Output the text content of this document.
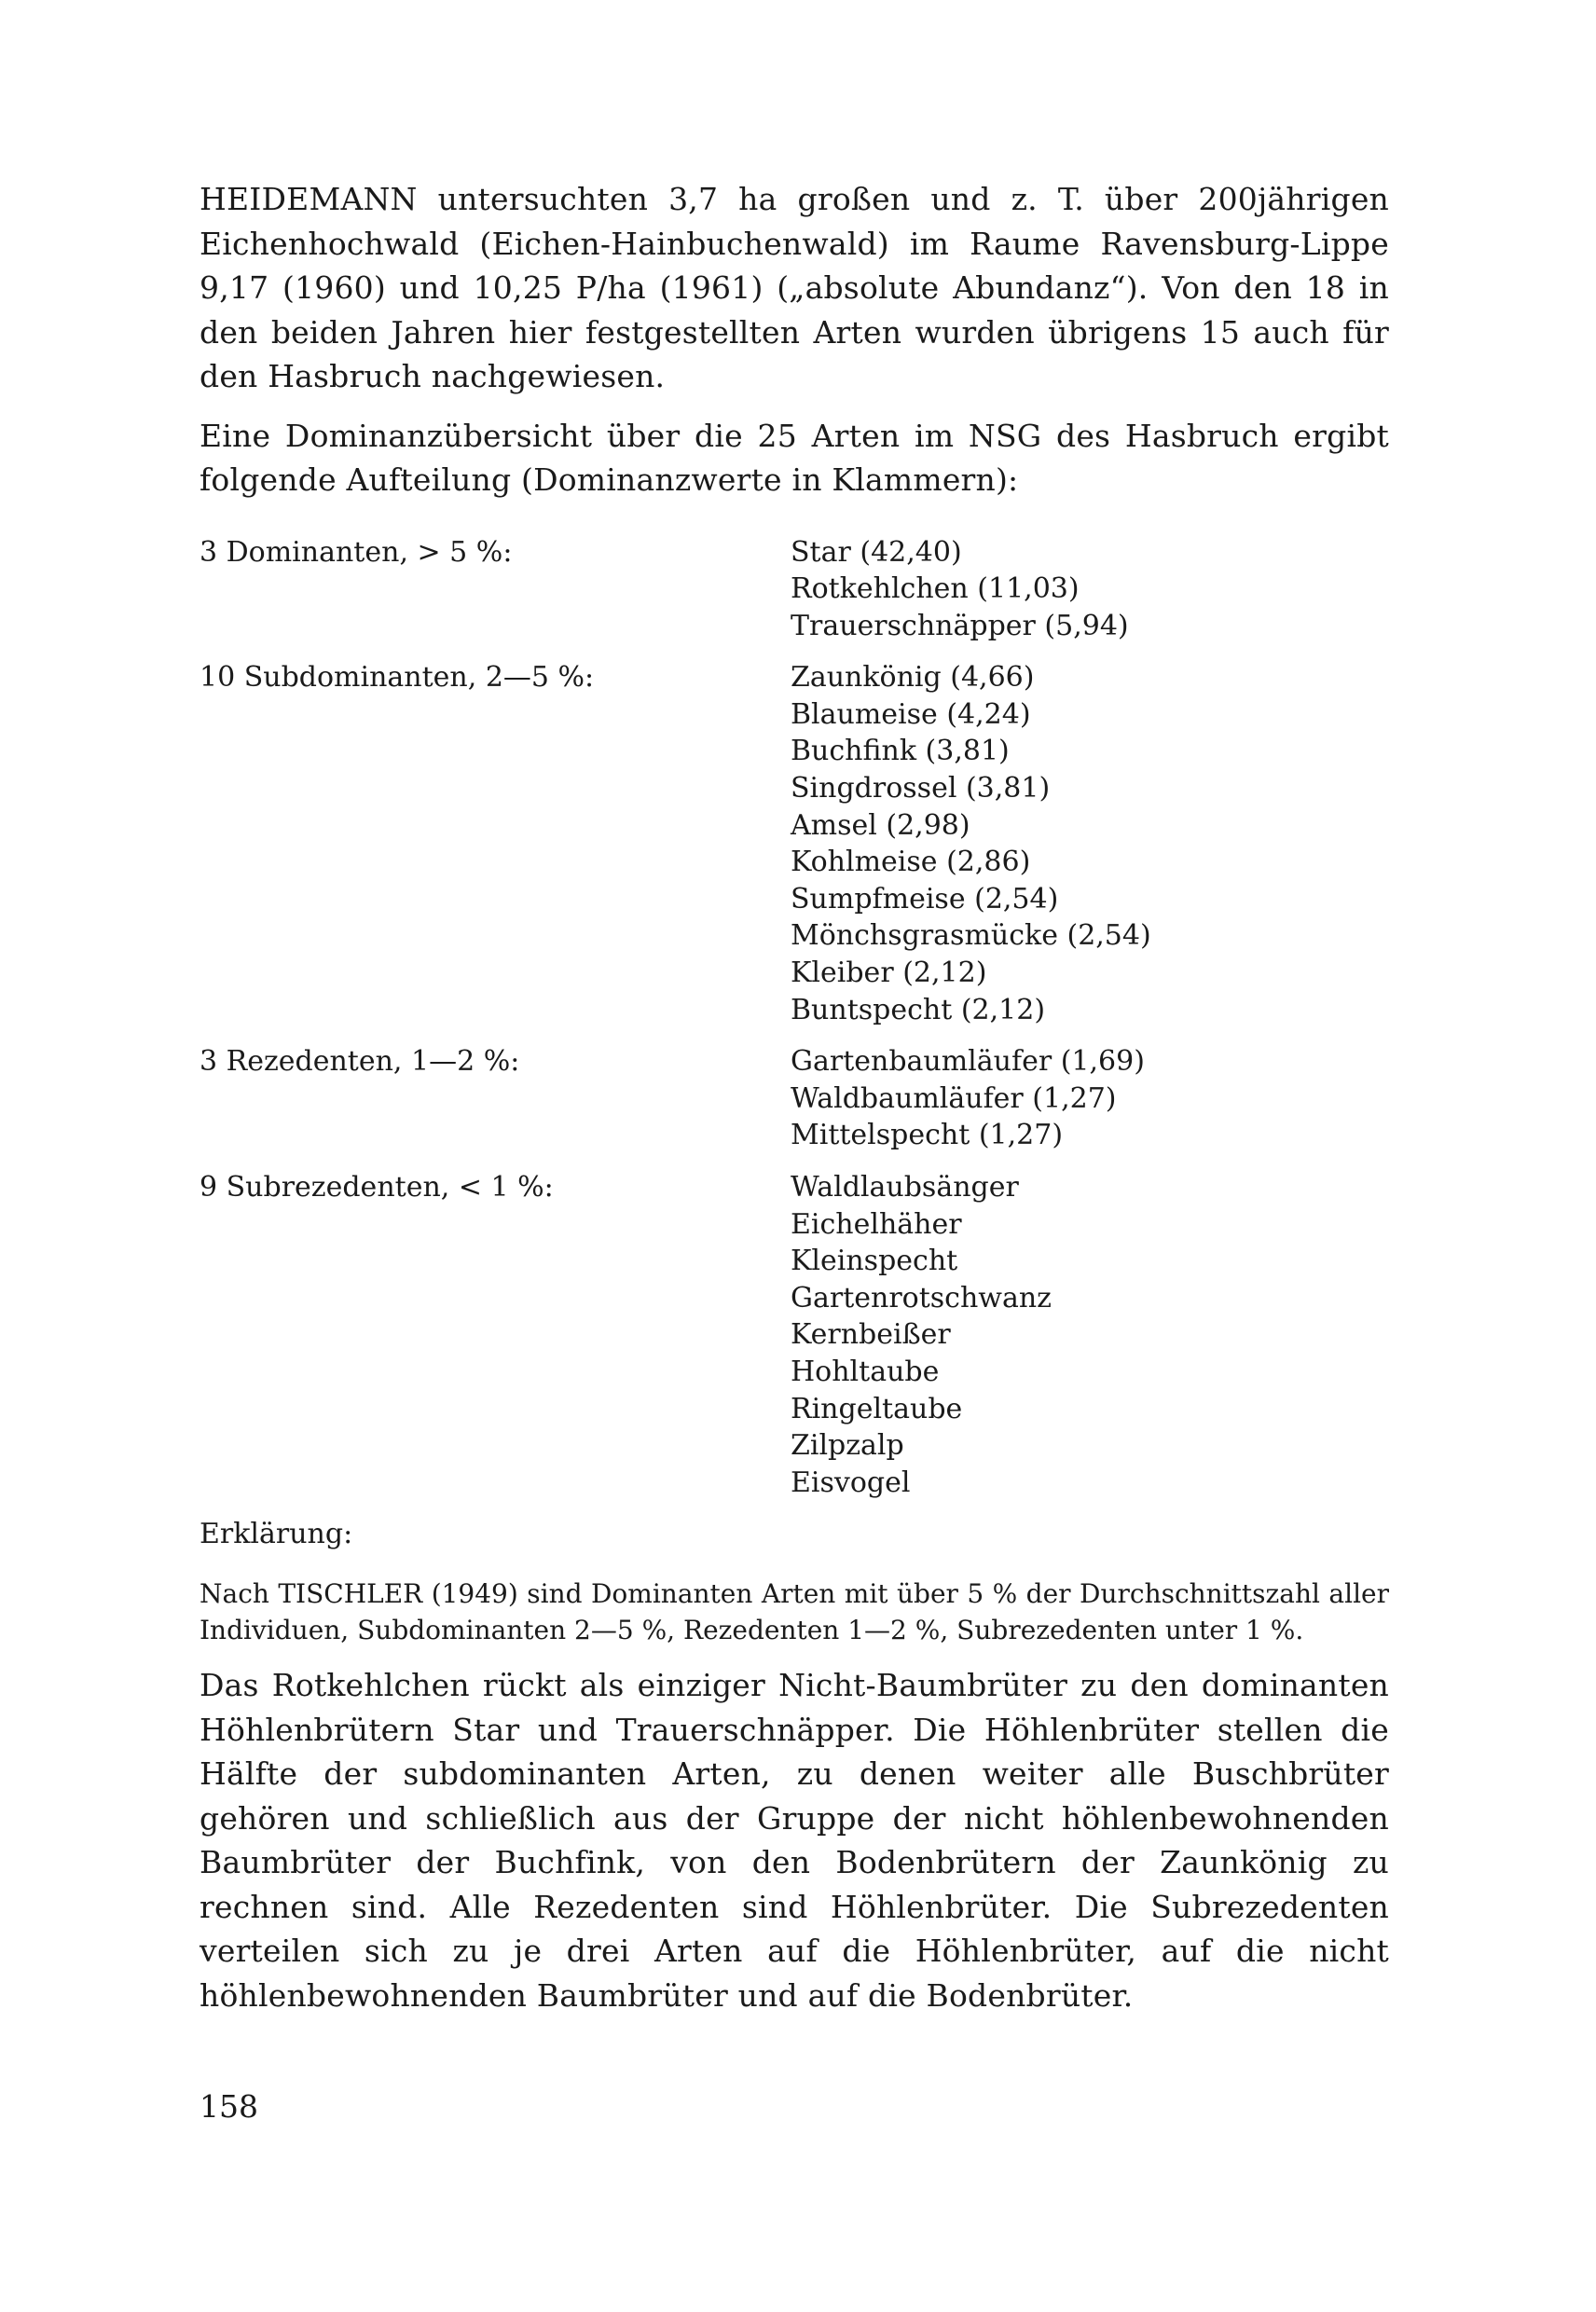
HEIDEMANN untersuchten 3,7 ha großen und z. T. über 200jährigen Eichenhochwald (Eichen-Hainbuchenwald) im Raume Ravensburg-Lippe 9,17 (1960) und 10,25 P/ha (1961) („absolute Abundanz“). Von den 18 in den beiden Jahren hier festgestellten Arten wurden übrigens 15 auch für den Hasbruch nachgewiesen.

Eine Dominanzübersicht über die 25 Arten im NSG des Hasbruch ergibt folgende Aufteilung (Dominanzwerte in Klammern):

3 Dominanten, > 5 %:	Star (42,40)
Rotkehlchen (11,03)
Trauerschnäpper (5,94)
10 Subdominanten, 2—5 %:	Zaunkönig (4,66)
Blaumeise (4,24)
Buchfink (3,81)
Singdrossel (3,81)
Amsel (2,98)
Kohlmeise (2,86)
Sumpfmeise (2,54)
Mönchsgrasmücke (2,54)
Kleiber (2,12)
Buntspecht (2,12)
3 Rezedenten, 1—2 %:	Gartenbaumläufer (1,69)
Waldbaumläufer (1,27)
Mittelspecht (1,27)
9 Subrezedenten, < 1 %:	Waldlaubsänger
Eichelhäher
Kleinspecht
Gartenrotschwanz
Kernbeißer
Hohltaube
Ringeltaube
Zilpzalp
Eisvogel
Erklärung:

Nach TISCHLER (1949) sind Dominanten Arten mit über 5 % der Durchschnittszahl aller Individuen, Subdominanten 2—5 %, Rezedenten 1—2 %, Subrezedenten unter 1 %.

Das Rotkehlchen rückt als einziger Nicht-Baumbrüter zu den dominanten Höhlenbrütern Star und Trauerschnäpper. Die Höhlenbrüter stellen die Hälfte der subdominanten Arten, zu denen weiter alle Buschbrüter gehören und schließlich aus der Gruppe der nicht höhlenbewohnenden Baumbrüter der Buchfink, von den Bodenbrütern der Zaunkönig zu rechnen sind. Alle Rezedenten sind Höhlenbrüter. Die Subrezedenten verteilen sich zu je drei Arten auf die Höhlenbrüter, auf die nicht höhlenbewohnenden Baumbrüter und auf die Bodenbrüter.

158
